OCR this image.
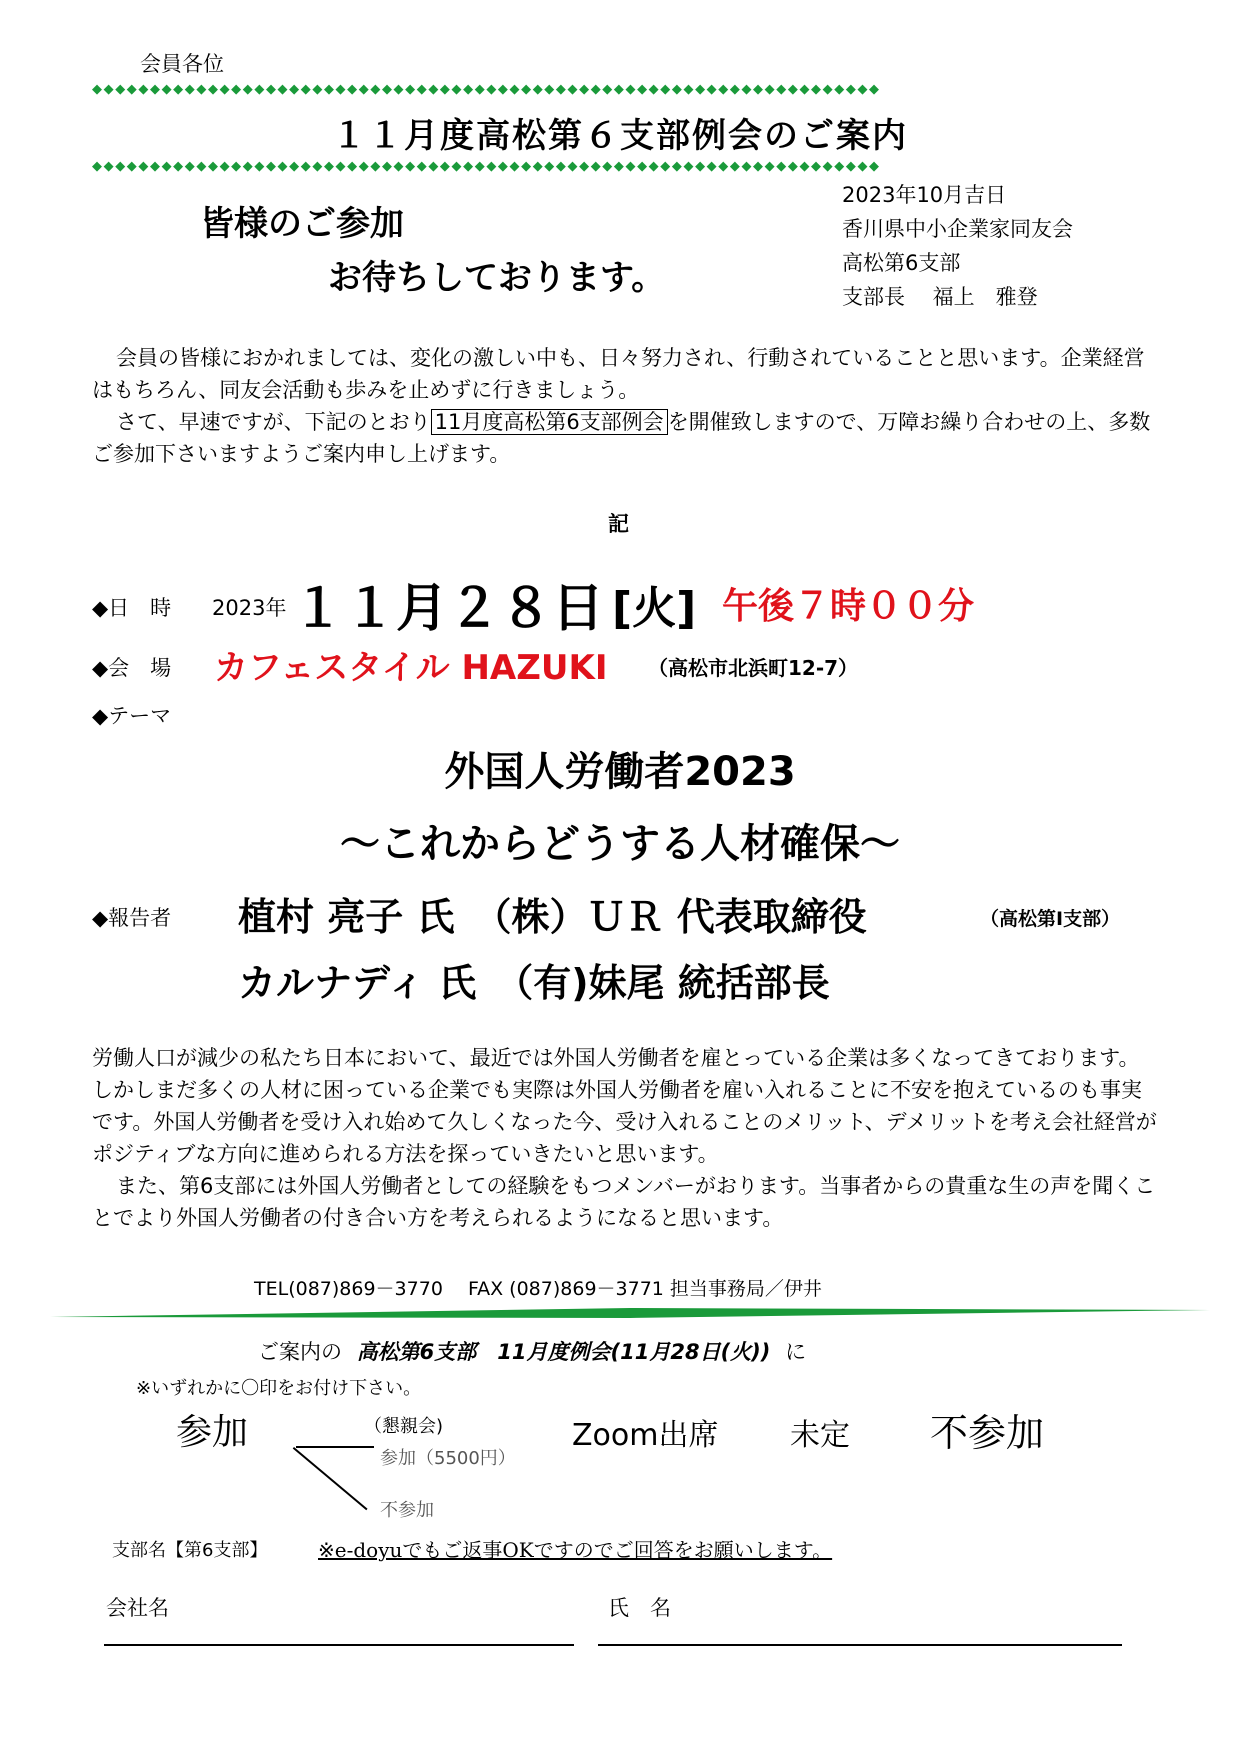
会員各位
◆◆◆◆◆◆◆◆◆◆◆◆◆◆◆◆◆◆◆◆◆◆◆◆◆◆◆◆◆◆◆◆◆◆◆◆◆◆◆◆◆◆◆◆◆◆◆◆◆◆◆◆◆◆◆◆◆◆◆◆◆◆◆◆◆◆◆◆
１１月度高松第６支部例会のご案内
◆◆◆◆◆◆◆◆◆◆◆◆◆◆◆◆◆◆◆◆◆◆◆◆◆◆◆◆◆◆◆◆◆◆◆◆◆◆◆◆◆◆◆◆◆◆◆◆◆◆◆◆◆◆◆◆◆◆◆◆◆◆◆◆◆◆◆◆
皆様のご参加
お待ちしております。
2023年10月吉日
香川県中小企業家同友会
高松第6支部
支部長　 福上　雅登
会員の皆様におかれましては、変化の激しい中も、日々努力され、行動されていることと思います。企業経営はもちろん、同友会活動も歩みを止めずに行きましょう。
さて、早速ですが、下記のとおり 11月度高松第6支部例会 を開催致しますので、万障お繰り合わせの上、多数ご参加下さいますようご案内申し上げます。
記
◆日　時 2023年 １１月２８日 [火] 午後７時００分
◆会　場 カフェスタイル HAZUKI （高松市北浜町12-7）
◆テーマ
外国人労働者2023
～これからどうする人材確保～
◆報告者 植村 亮子 氏　（株）ＵＲ 代表取締役	（高松第Ⅰ支部）
カルナディ 氏　（有)妹尾 統括部長
労働人口が減少の私たち日本において、最近では外国人労働者を雇とっている企業は多くなってきております。しかしまだ多くの人材に困っている企業でも実際は外国人労働者を雇い入れることに不安を抱えているのも事実です。外国人労働者を受け入れ始めて久しくなった今、受け入れることのメリット、デメリットを考え会社経営がポジティブな方向に進められる方法を探っていきたいと思います。
また、第6支部には外国人労働者としての経験をもつメンバーがおります。当事者からの貴重な生の声を聞くことでより外国人労働者の付き合い方を考えられるようになると思います。
TEL(087)869－3770　 FAX (087)869－3771 担当事務局／伊井
ご案内の 高松第6支部　11月度例会(11月28日(火)) に
※いずれかに〇印をお付け下さい。
参加	（懇親会)
参加（5500円）
不参加
Zoom出席 未定 不参加
支部名【第6支部】	※e-doyuでもご返事OKですのでご回答をお願いします。
会社名	氏　名
